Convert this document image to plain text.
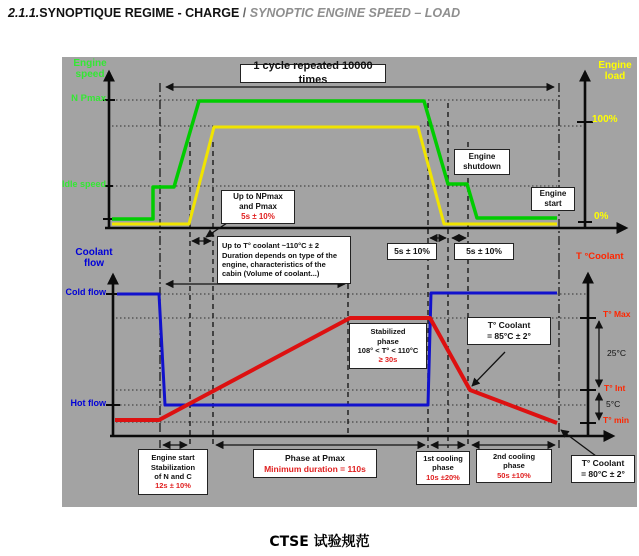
2.1.1.SYNOPTIQUE REGIME - CHARGE / SYNOPTIC ENGINE SPEED – LOAD
Engine
speed
N Pmax
Idle speed
Engine
load
100%
0%
Coolant
flow
Cold flow
Hot flow
T °Coolant
T° Max
25°C
T° Int
5°C
T° min
1 cycle repeated 10000 times
Engine
shutdown
Engine
start
Up to NPmax
and Pmax
5s ± 10%
5s ± 10%	5s ± 10%
Up to T° coolant ~110°C ± 2
Duration depends on type of the
engine, characteristics of the
cabin (Volume of coolant...)
Stabilized
phase
108° < T° < 110°C
≥ 30s
T° Coolant
= 85°C ± 2°
T° Coolant
= 80°C ± 2°
Engine start
Stabilization
of N and C
12s ± 10%
Phase at Pmax
Minimum duration = 110s
1st cooling
phase
10s ±20%
2nd cooling
phase
50s ±10%
CTSE 试验规范
